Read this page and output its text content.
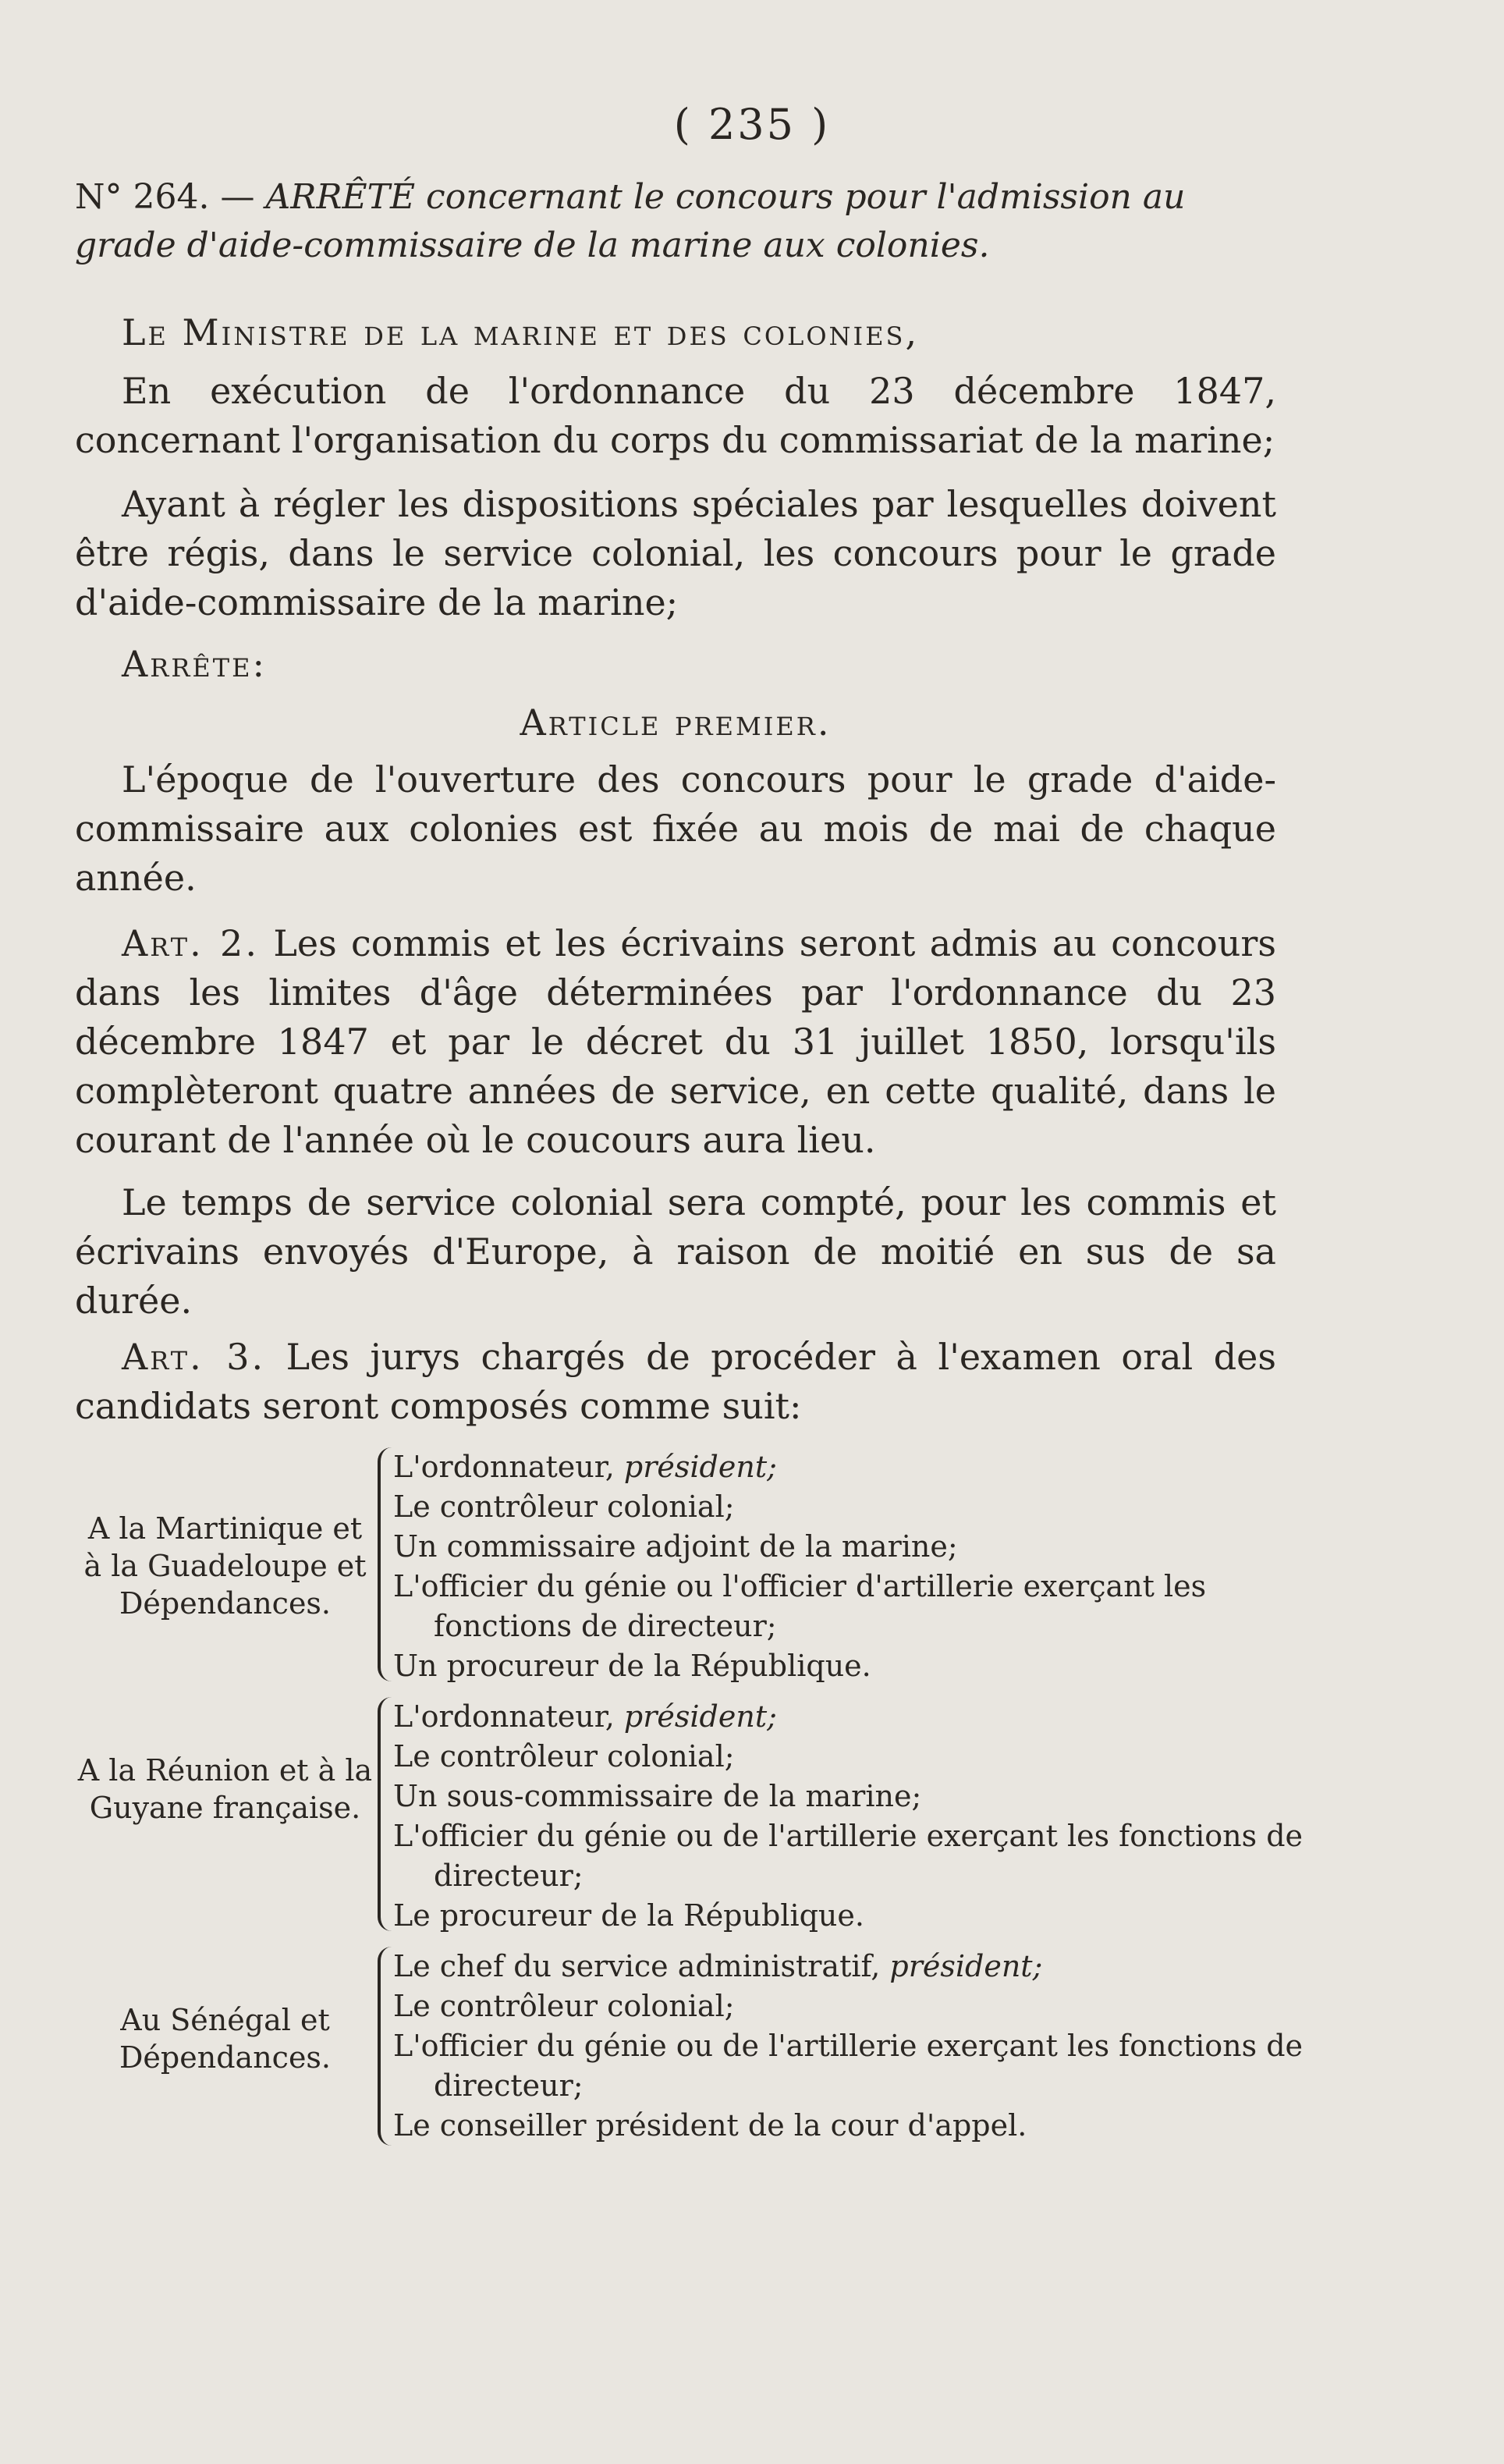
( 235 )
N° 264. — ARRÊTÉ concernant le concours pour l'admission au grade d'aide-commissaire de la marine aux colonies.
Le Ministre de la marine et des colonies,
En exécution de l'ordonnance du 23 décembre 1847, concernant l'organisation du corps du commissariat de la marine;
Ayant à régler les dispositions spéciales par lesquelles doivent être régis, dans le service colonial, les concours pour le grade d'aide-commissaire de la marine;
Arrête:
Article premier.
L'époque de l'ouverture des concours pour le grade d'aide-commissaire aux colonies est fixée au mois de mai de chaque année.
Art. 2. Les commis et les écrivains seront admis au concours dans les limites d'âge déterminées par l'ordonnance du 23 décembre 1847 et par le décret du 31 juillet 1850, lorsqu'ils complèteront quatre années de service, en cette qualité, dans le courant de l'année où le coucours aura lieu.
Le temps de service colonial sera compté, pour les commis et écrivains envoyés d'Europe, à raison de moitié en sus de sa durée.
Art. 3. Les jurys chargés de procéder à l'examen oral des candidats seront composés comme suit:
A la Martinique et à la Guadeloupe et Dépendances.
L'ordonnateur, président;
Le contrôleur colonial;
Un commissaire adjoint de la marine;
L'officier du génie ou l'officier d'artillerie exerçant les fonctions de directeur;
Un procureur de la République.
A la Réunion et à la Guyane française.
L'ordonnateur, président;
Le contrôleur colonial;
Un sous-commissaire de la marine;
L'officier du génie ou de l'artillerie exerçant les fonctions de directeur;
Le procureur de la République.
Au Sénégal et Dépendances.
Le chef du service administratif, président;
Le contrôleur colonial;
L'officier du génie ou de l'artillerie exerçant les fonctions de directeur;
Le conseiller président de la cour d'appel.
